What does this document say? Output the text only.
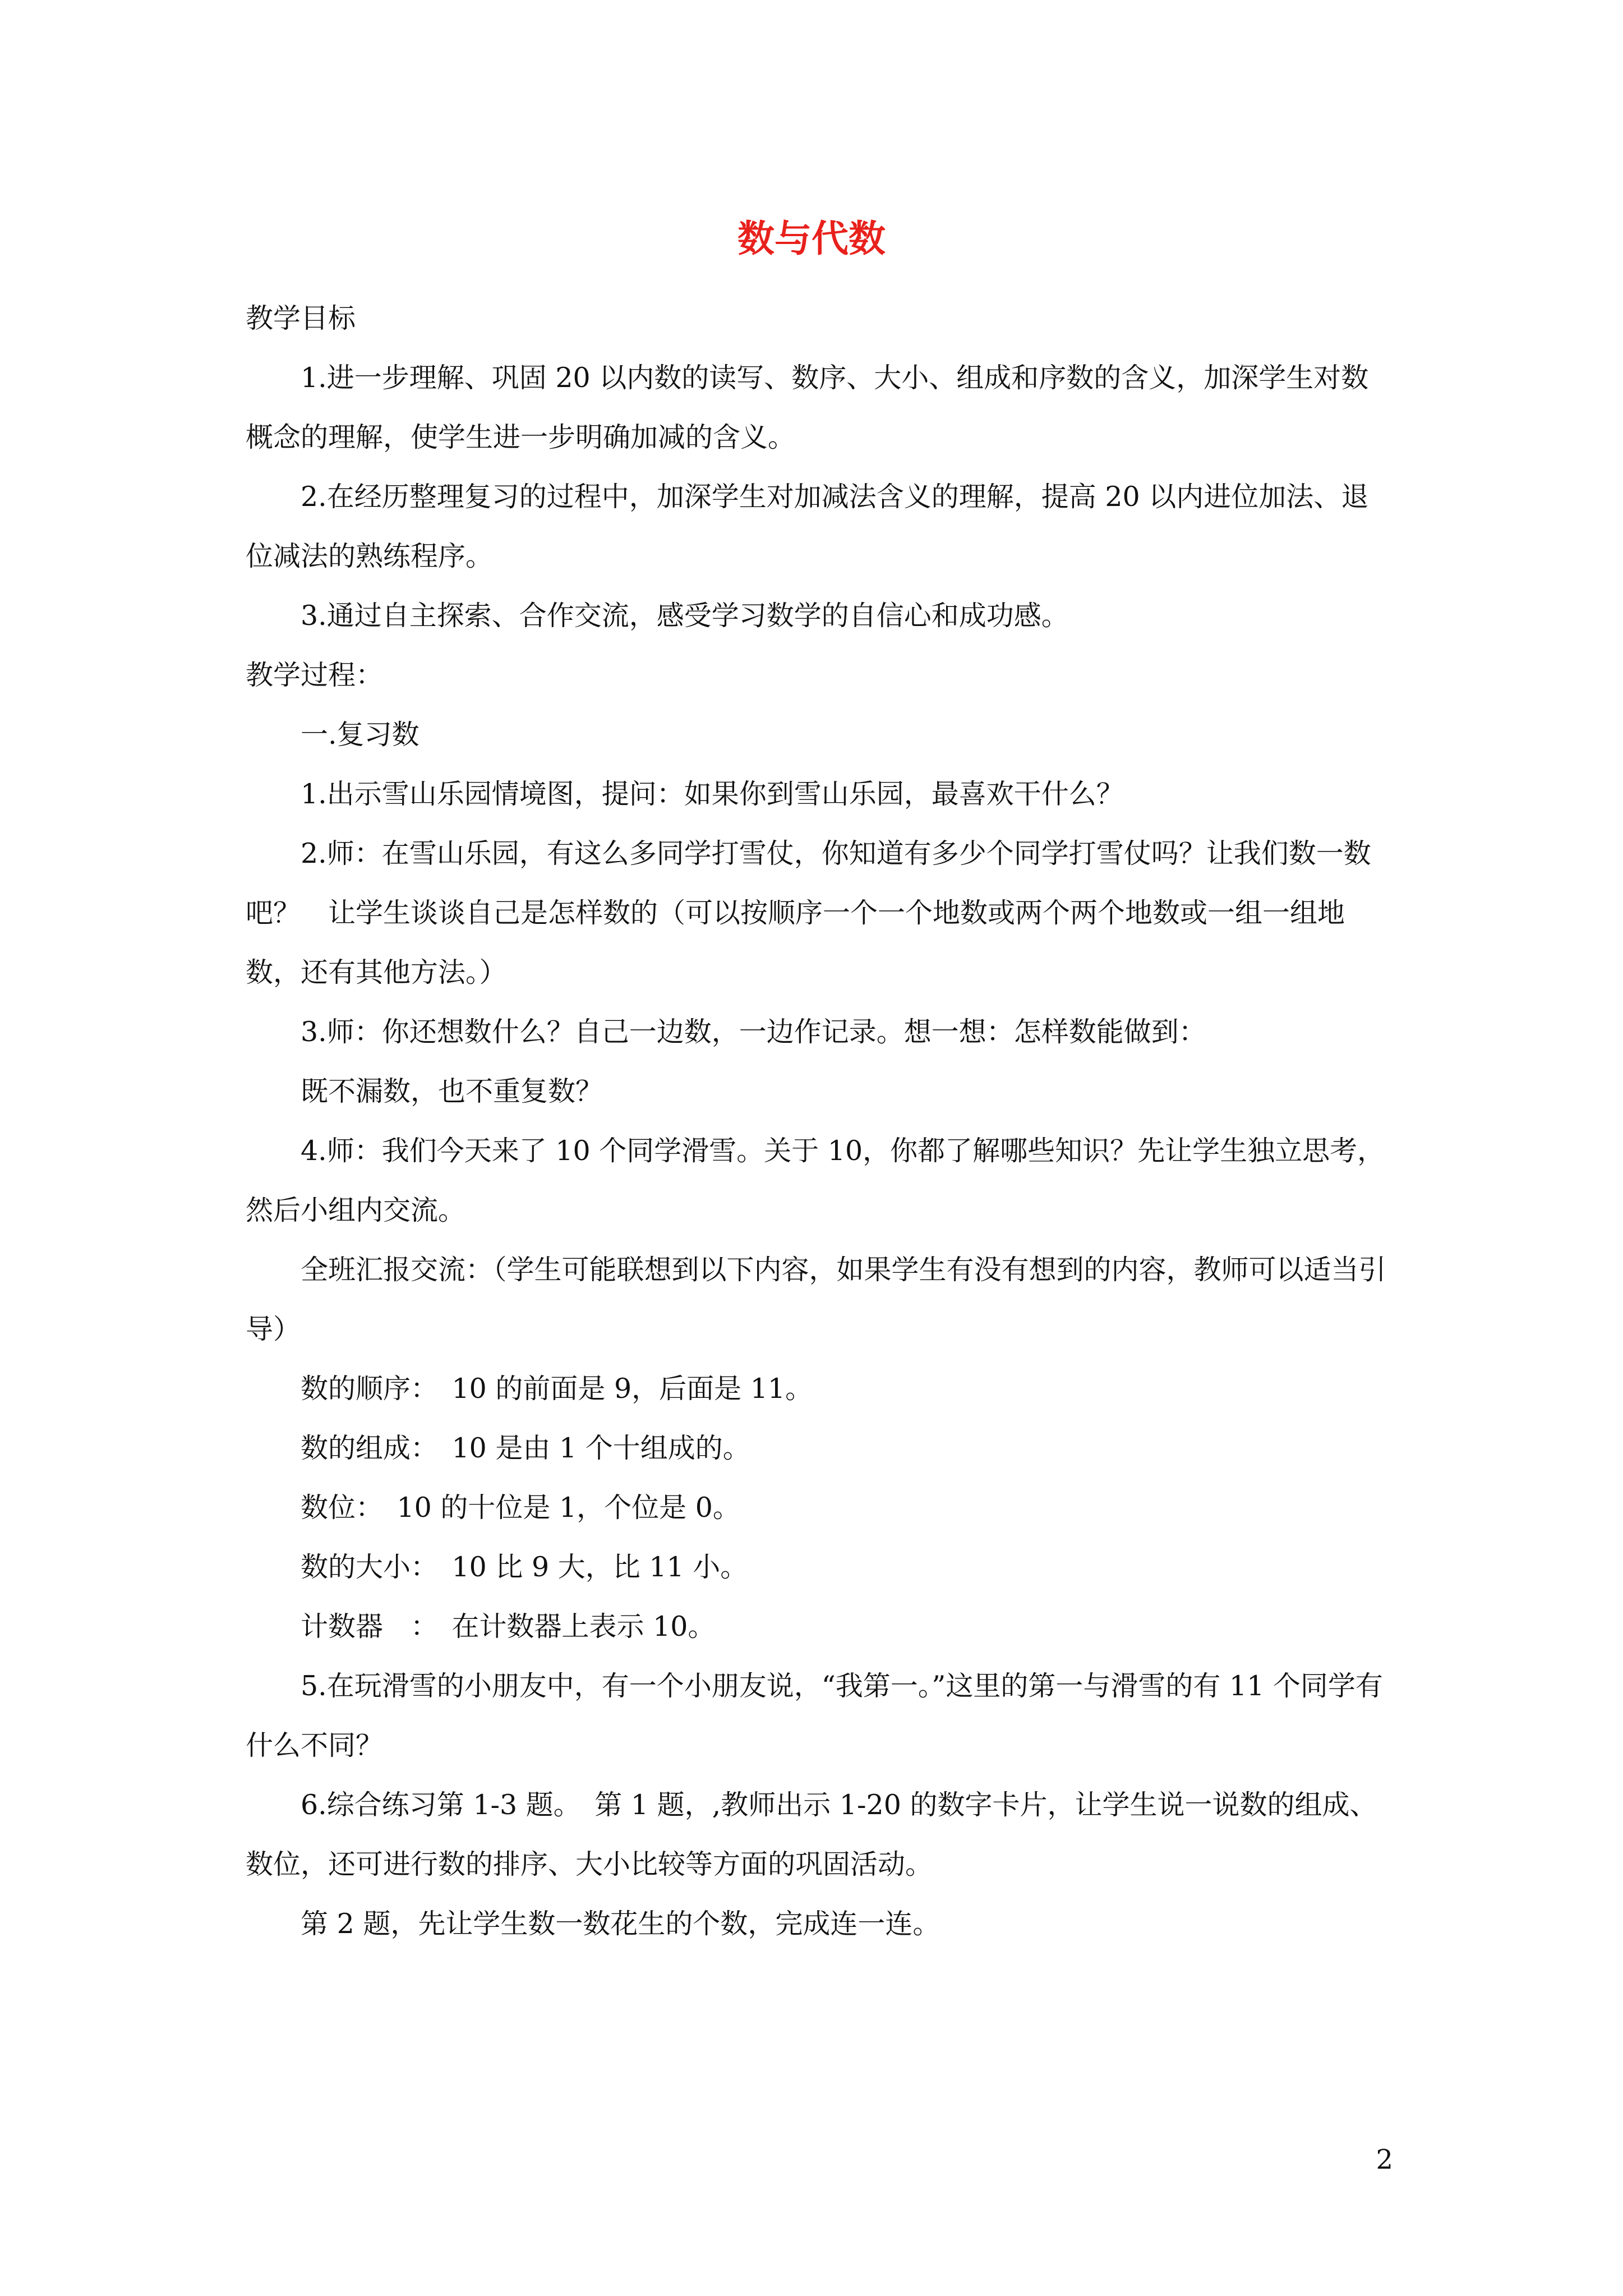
数与代数

教学目标

1.进一步理解、巩固 20 以内数的读写、数序、大小、组成和序数的含义，加深学生对数概念的理解，使学生进一步明确加减的含义。

2.在经历整理复习的过程中，加深学生对加减法含义的理解，提高 20 以内进位加法、退位减法的熟练程序。

3.通过自主探索、合作交流，感受学习数学的自信心和成功感。

教学过程：

一.复习数

1.出示雪山乐园情境图，提问：如果你到雪山乐园，最喜欢干什么？

2.师：在雪山乐园，有这么多同学打雪仗，你知道有多少个同学打雪仗吗？让我们数一数吧？　让学生谈谈自己是怎样数的（可以按顺序一个一个地数或两个两个地数或一组一组地数，还有其他方法。）

3.师：你还想数什么？自己一边数，一边作记录。想一想：怎样数能做到：

既不漏数，也不重复数？

4.师：我们今天来了 10 个同学滑雪。关于 10，你都了解哪些知识？先让学生独立思考，然后小组内交流。

全班汇报交流：（学生可能联想到以下内容，如果学生有没有想到的内容，教师可以适当引导）

数的顺序：　10 的前面是 9，后面是 11。

数的组成：　10 是由 1 个十组成的。

数位：　10 的十位是 1，个位是 0。

数的大小：　10 比 9 大，比 11 小。

计数器　：　在计数器上表示 10。

5.在玩滑雪的小朋友中，有一个小朋友说，“我第一。”这里的第一与滑雪的有 11 个同学有什么不同？

6.综合练习第 1-3 题。　第 1 题，,教师出示 1-20 的数字卡片，让学生说一说数的组成、数位，还可进行数的排序、大小比较等方面的巩固活动。

第 2 题，先让学生数一数花生的个数，完成连一连。

2
